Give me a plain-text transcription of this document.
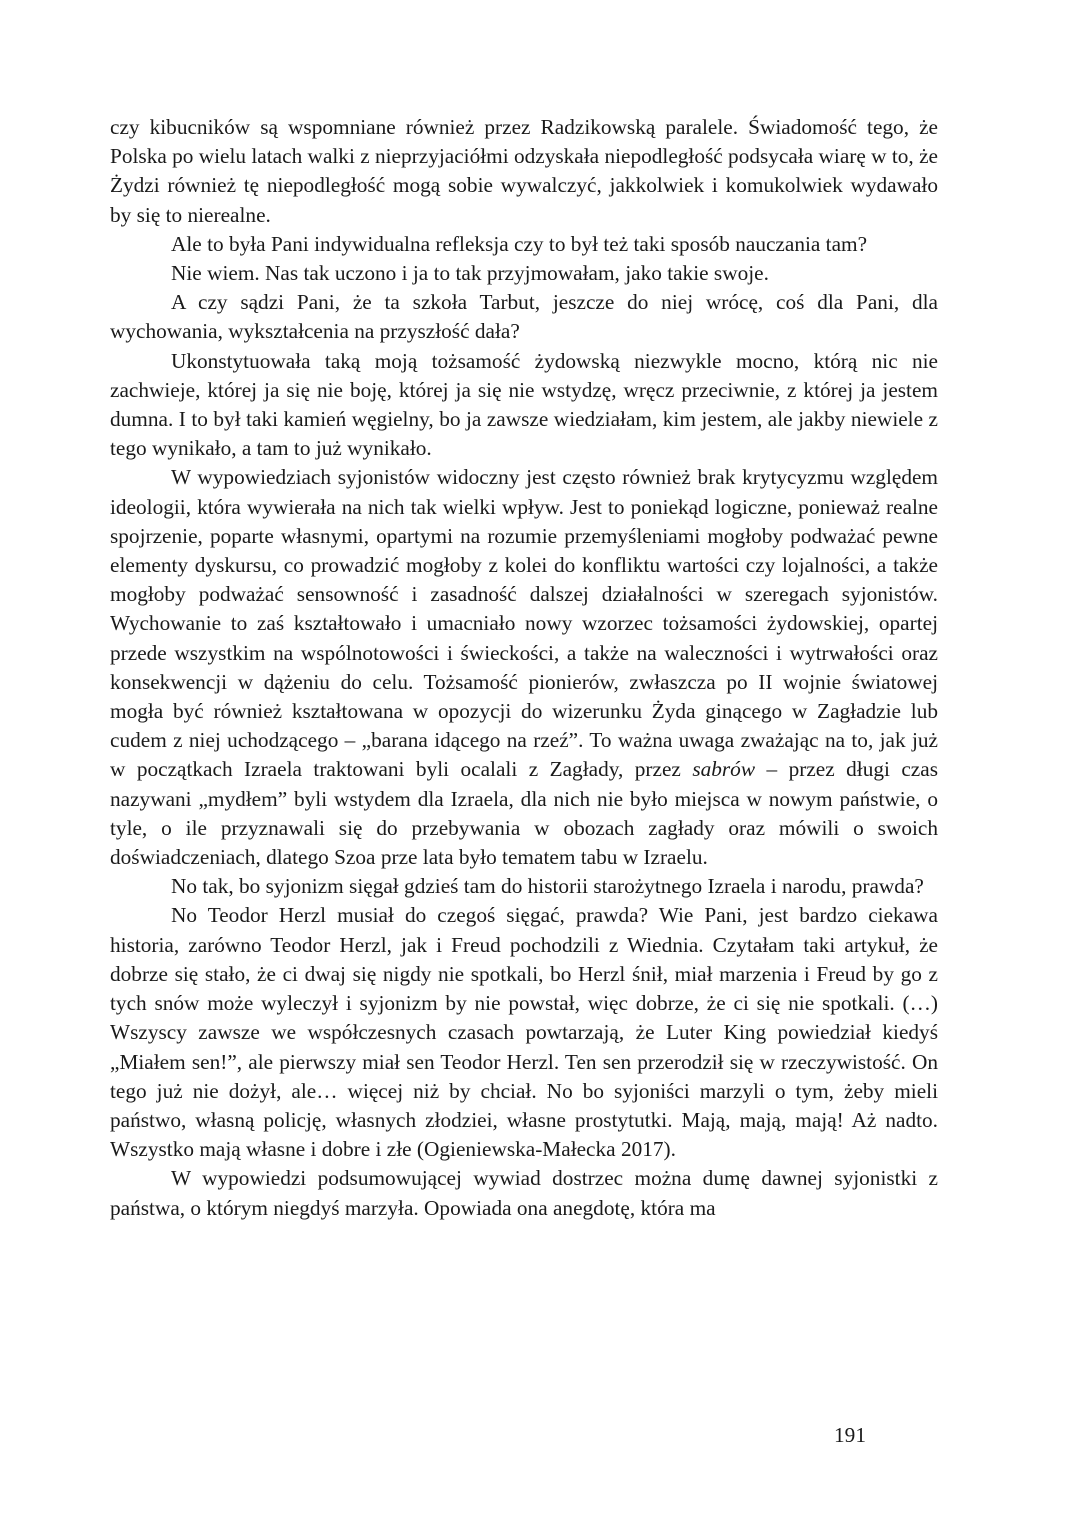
czy kibucników są wspomniane również przez Radzikowską paralele. Świadomość tego, że Polska po wielu latach walki z nieprzyjaciółmi odzyskała niepodległość podsycała wiarę w to, że Żydzi również tę niepodległość mogą sobie wywalczyć, jakkolwiek i komukolwiek wydawało by się to nierealne.

Ale to była Pani indywidualna refleksja czy to był też taki sposób nauczania tam?

Nie wiem. Nas tak uczono i ja to tak przyjmowałam, jako takie swoje.

A czy sądzi Pani, że ta szkoła Tarbut, jeszcze do niej wrócę, coś dla Pani, dla wychowania, wykształcenia na przyszłość dała?

Ukonstytuowała taką moją tożsamość żydowską niezwykle mocno, którą nic nie zachwieje, której ja się nie boję, której ja się nie wstydzę, wręcz przeciwnie, z której ja jestem dumna. I to był taki kamień węgielny, bo ja zawsze wiedziałam, kim jestem, ale jakby niewiele z tego wynikało, a tam to już wynikało.

W wypowiedziach syjonistów widoczny jest często również brak krytycyzmu względem ideologii, która wywierała na nich tak wielki wpływ. Jest to poniekąd logiczne, ponieważ realne spojrzenie, poparte własnymi, opartymi na rozumie przemyśleniami mogłoby podważać pewne elementy dyskursu, co prowadzić mogłoby z kolei do konfliktu wartości czy lojalności, a także mogłoby podważać sensowność i zasadność dalszej działalności w szeregach syjonistów. Wychowanie to zaś kształtowało i umacniało nowy wzorzec tożsamości żydowskiej, opartej przede wszystkim na wspólnotowości i świeckości, a także na waleczności i wytrwałości oraz konsekwencji w dążeniu do celu. Tożsamość pionierów, zwłaszcza po II wojnie światowej mogła być również kształtowana w opozycji do wizerunku Żyda ginącego w Zagładzie lub cudem z niej uchodzącego – „barana idącego na rzeź”. To ważna uwaga zważając na to, jak już w początkach Izraela traktowani byli ocalali z Zagłady, przez sabrów – przez długi czas nazywani „mydłem” byli wstydem dla Izraela, dla nich nie było miejsca w nowym państwie, o tyle, o ile przyznawali się do przebywania w obozach zagłady oraz mówili o swoich doświadczeniach, dlatego Szoa prze lata było tematem tabu w Izraelu.

No tak, bo syjonizm sięgał gdzieś tam do historii starożytnego Izraela i narodu, prawda?

No Teodor Herzl musiał do czegoś sięgać, prawda? Wie Pani, jest bardzo ciekawa historia, zarówno Teodor Herzl, jak i Freud pochodzili z Wiednia. Czytałam taki artykuł, że dobrze się stało, że ci dwaj się nigdy nie spotkali, bo Herzl śnił, miał marzenia i Freud by go z tych snów może wyleczył i syjonizm by nie powstał, więc dobrze, że ci się nie spotkali. (…) Wszyscy zawsze we współczesnych czasach powtarzają, że Luter King powiedział kiedyś „Miałem sen!”, ale pierwszy miał sen Teodor Herzl. Ten sen przerodził się w rzeczywistość. On tego już nie dożył, ale… więcej niż by chciał. No bo syjoniści marzyli o tym, żeby mieli państwo, własną policję, własnych złodziei, własne prostytutki. Mają, mają, mają! Aż nadto. Wszystko mają własne i dobre i złe (Ogieniewska-Małecka 2017).

W wypowiedzi podsumowującej wywiad dostrzec można dumę dawnej syjonistki z państwa, o którym niegdyś marzyła. Opowiada ona anegdotę, która ma

191
